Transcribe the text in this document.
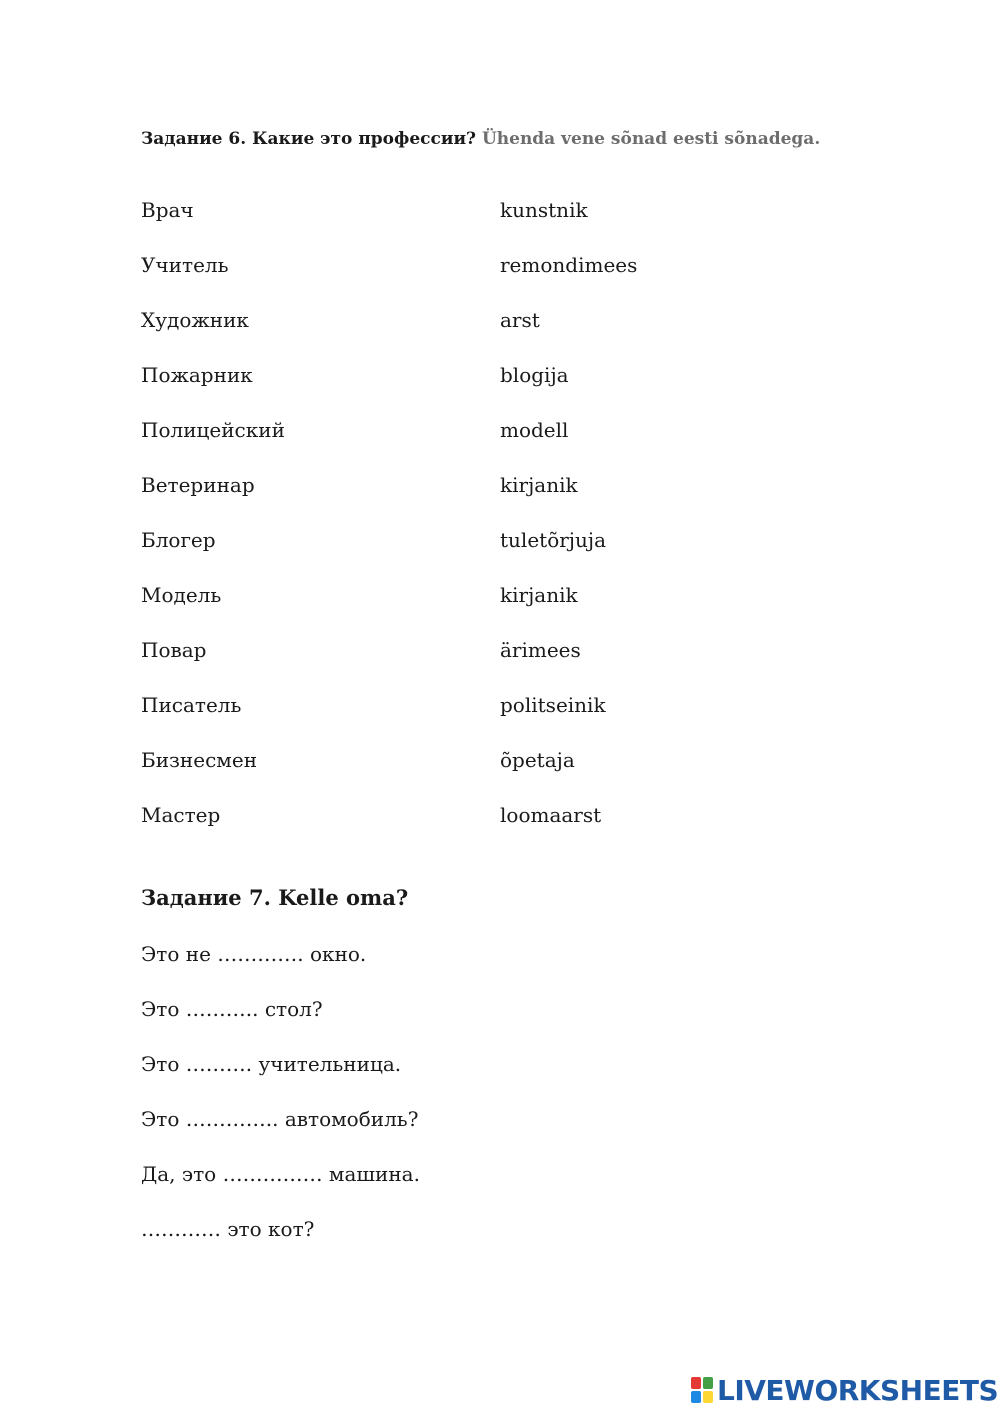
Задание 6. Какие это профессии? Ühenda vene sõnad eesti sõnadega.
Врач
Учитель
Художник
Пожарник
Полицейский
Ветеринар
Блогер
Модель
Повар
Писатель
Бизнесмен
Мастер
kunstnik
remondimees
arst
blogija
modell
kirjanik
tuletõrjuja
kirjanik
ärimees
politseinik
õpetaja
loomaarst
Задание 7. Kelle oma?
Это не …………. окно.
Это ……….. стол?
Это ………. учительница.
Это ………….. автомобиль?
Да, это …………… машина.
………… это кот?
LIVEWORKSHEETS
